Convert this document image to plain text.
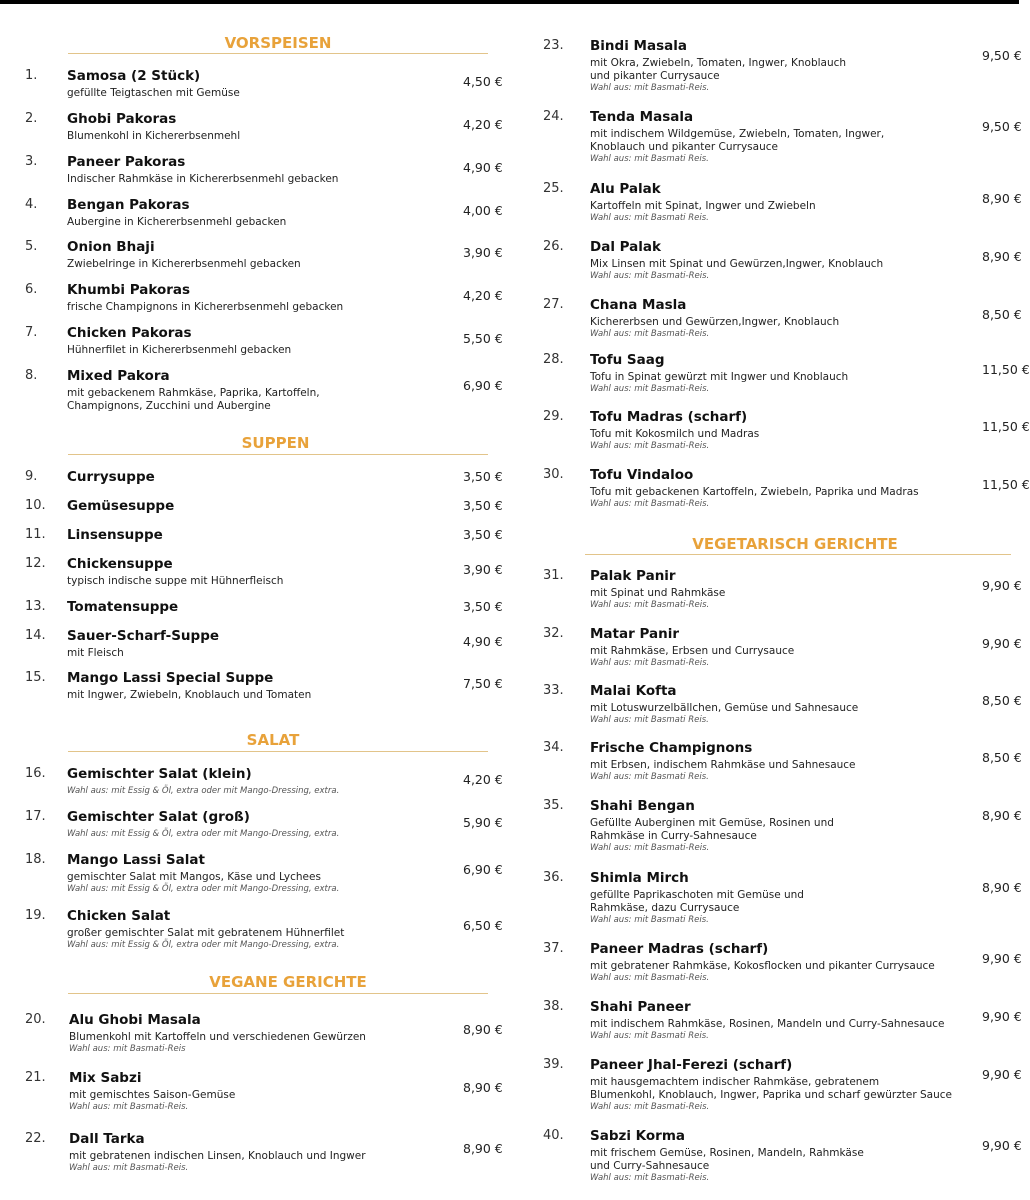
VORSPEISEN
SUPPEN
SALAT
VEGANE GERICHTE
VEGETARISCH GERICHTE
1. Samosa (2 Stück)
gefüllte Teigtaschen mit Gemüse
4,50 €
2. Ghobi Pakoras
Blumenkohl in Kichererbsenmehl
4,20 €
3. Paneer Pakoras
Indischer Rahmkäse in Kichererbsenmehl gebacken
4,90 €
4. Bengan Pakoras
Aubergine in Kichererbsenmehl gebacken
4,00 €
5. Onion Bhaji
Zwiebelringe in Kichererbsenmehl gebacken
3,90 €
6. Khumbi Pakoras
frische Champignons in Kichererbsenmehl gebacken
4,20 €
7. Chicken Pakoras
Hühnerfilet in Kichererbsenmehl gebacken
5,50 €
8. Mixed Pakora
mit gebackenem Rahmkäse, Paprika, Kartoffeln,
Champignons, Zucchini und Aubergine
6,90 €
9. Currysuppe	3,50 €
10. Gemüsesuppe	3,50 €
11. Linsensuppe	3,50 €
12. Chickensuppe
typisch indische suppe mit Hühnerfleisch
3,90 €
13. Tomatensuppe	3,50 €
14. Sauer-Scharf-Suppe
mit Fleisch
4,90 €
15. Mango Lassi Special Suppe
mit Ingwer, Zwiebeln, Knoblauch und Tomaten
7,50 €
16. Gemischter Salat (klein)
Wahl aus: mit Essig & Öl, extra oder mit Mango-Dressing, extra.
4,20 €
17. Gemischter Salat (groß)
Wahl aus: mit Essig & Öl, extra oder mit Mango-Dressing, extra.
5,90 €
18. Mango Lassi Salat
gemischter Salat mit Mangos, Käse und Lychees
Wahl aus: mit Essig & Öl, extra oder mit Mango-Dressing, extra.
6,90 €
19. Chicken Salat
großer gemischter Salat mit gebratenem Hühnerfilet
Wahl aus: mit Essig & Öl, extra oder mit Mango-Dressing, extra.
6,50 €
20. Alu Ghobi Masala
Blumenkohl mit Kartoffeln und verschiedenen Gewürzen
Wahl aus: mit Basmati-Reis
8,90 €
21. Mix Sabzi
mit gemischtes Saison-Gemüse
Wahl aus: mit Basmati-Reis.
8,90 €
22. Dall Tarka
mit gebratenen indischen Linsen, Knoblauch und Ingwer
Wahl aus: mit Basmati-Reis.
8,90 €
23. Bindi Masala
mit Okra, Zwiebeln, Tomaten, Ingwer, Knoblauch
und pikanter Currysauce
Wahl aus: mit Basmati-Reis.
9,50 €
24. Tenda Masala
mit indischem Wildgemüse, Zwiebeln, Tomaten, Ingwer,
Knoblauch und pikanter Currysauce
Wahl aus: mit Basmati Reis.
9,50 €
25. Alu Palak
Kartoffeln mit Spinat, Ingwer und Zwiebeln
Wahl aus: mit Basmati Reis.
8,90 €
26. Dal Palak
Mix Linsen mit Spinat und Gewürzen,Ingwer, Knoblauch
Wahl aus: mit Basmati-Reis.
8,90 €
27. Chana Masla
Kichererbsen und Gewürzen,Ingwer, Knoblauch
Wahl aus: mit Basmati-Reis.
8,50 €
28. Tofu Saag
Tofu in Spinat gewürzt mit Ingwer und Knoblauch
Wahl aus: mit Basmati-Reis.
11,50 €
29. Tofu Madras (scharf)
Tofu mit Kokosmilch und Madras
Wahl aus: mit Basmati-Reis.
11,50 €
30. Tofu Vindaloo
Tofu mit gebackenen Kartoffeln, Zwiebeln, Paprika und Madras
Wahl aus: mit Basmati-Reis.
11,50 €
31. Palak Panir
mit Spinat und Rahmkäse
Wahl aus: mit Basmati-Reis.
9,90 €
32. Matar Panir
mit Rahmkäse, Erbsen und Currysauce
Wahl aus: mit Basmati-Reis.
9,90 €
33. Malai Kofta
mit Lotuswurzelbällchen, Gemüse und Sahnesauce
Wahl aus: mit Basmati Reis.
8,50 €
34. Frische Champignons
mit Erbsen, indischem Rahmkäse und Sahnesauce
Wahl aus: mit Basmati Reis.
8,50 €
35. Shahi Bengan
Gefüllte Auberginen mit Gemüse, Rosinen und
Rahmkäse in Curry-Sahnesauce
Wahl aus: mit Basmati-Reis.
8,90 €
36. Shimla Mirch
gefüllte Paprikaschoten mit Gemüse und
Rahmkäse, dazu Currysauce
Wahl aus: mit Basmati Reis.
8,90 €
37. Paneer Madras (scharf)
mit gebratener Rahmkäse, Kokosflocken und pikanter Currysauce
Wahl aus: mit Basmati-Reis.
9,90 €
38. Shahi Paneer
mit indischem Rahmkäse, Rosinen, Mandeln und Curry-Sahnesauce
Wahl aus: mit Basmati Reis.
9,90 €
39. Paneer Jhal-Ferezi (scharf)
mit hausgemachtem indischer Rahmkäse, gebratenem
Blumenkohl, Knoblauch, Ingwer, Paprika und scharf gewürzter Sauce
Wahl aus: mit Basmati-Reis.
9,90 €
40. Sabzi Korma
mit frischem Gemüse, Rosinen, Mandeln, Rahmkäse
und Curry-Sahnesauce
Wahl aus: mit Basmati-Reis.
9,90 €
